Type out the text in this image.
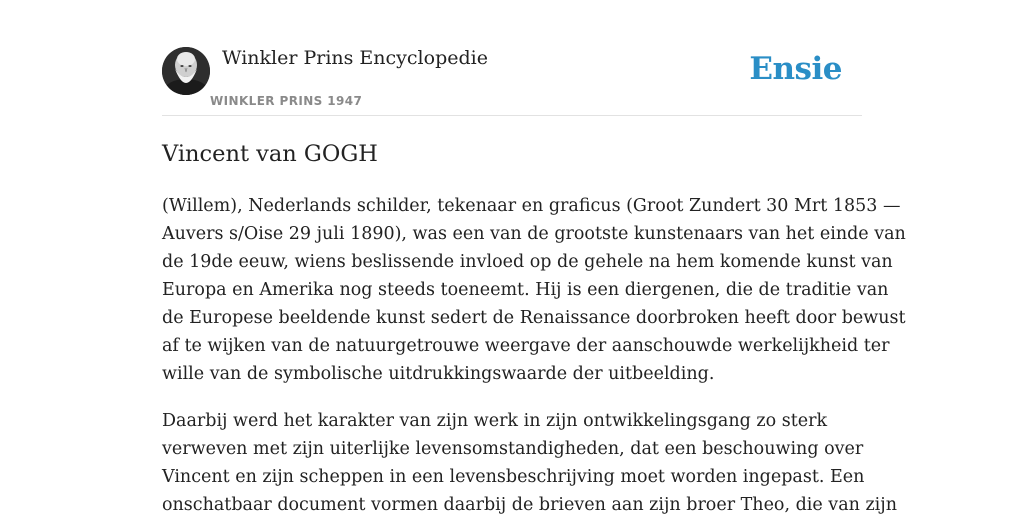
Winkler Prins Encyclopedie
WINKLER PRINS 1947
Ensie
Vincent van GOGH

(Willem), Nederlands schilder, tekenaar en graficus (Groot Zundert 30 Mrt 1853 —
Auvers s/Oise 29 juli 1890), was een van de grootste kunstenaars van het einde van
de 19de eeuw, wiens beslissende invloed op de gehele na hem komende kunst van
Europa en Amerika nog steeds toeneemt. Hij is een diergenen, die de traditie van
de Europese beeldende kunst sedert de Renaissance doorbroken heeft door bewust
af te wijken van de natuurgetrouwe weergave der aanschouwde werkelijkheid ter
wille van de symbolische uitdrukkingswaarde der uitbeelding.

Daarbij werd het karakter van zijn werk in zijn ontwikkelingsgang zo sterk
verweven met zijn uiterlijke levensomstandigheden, dat een beschouwing over
Vincent en zijn scheppen in een levensbeschrijving moet worden ingepast. Een
onschatbaar document vormen daarbij de brieven aan zijn broer Theo, die van zijn
